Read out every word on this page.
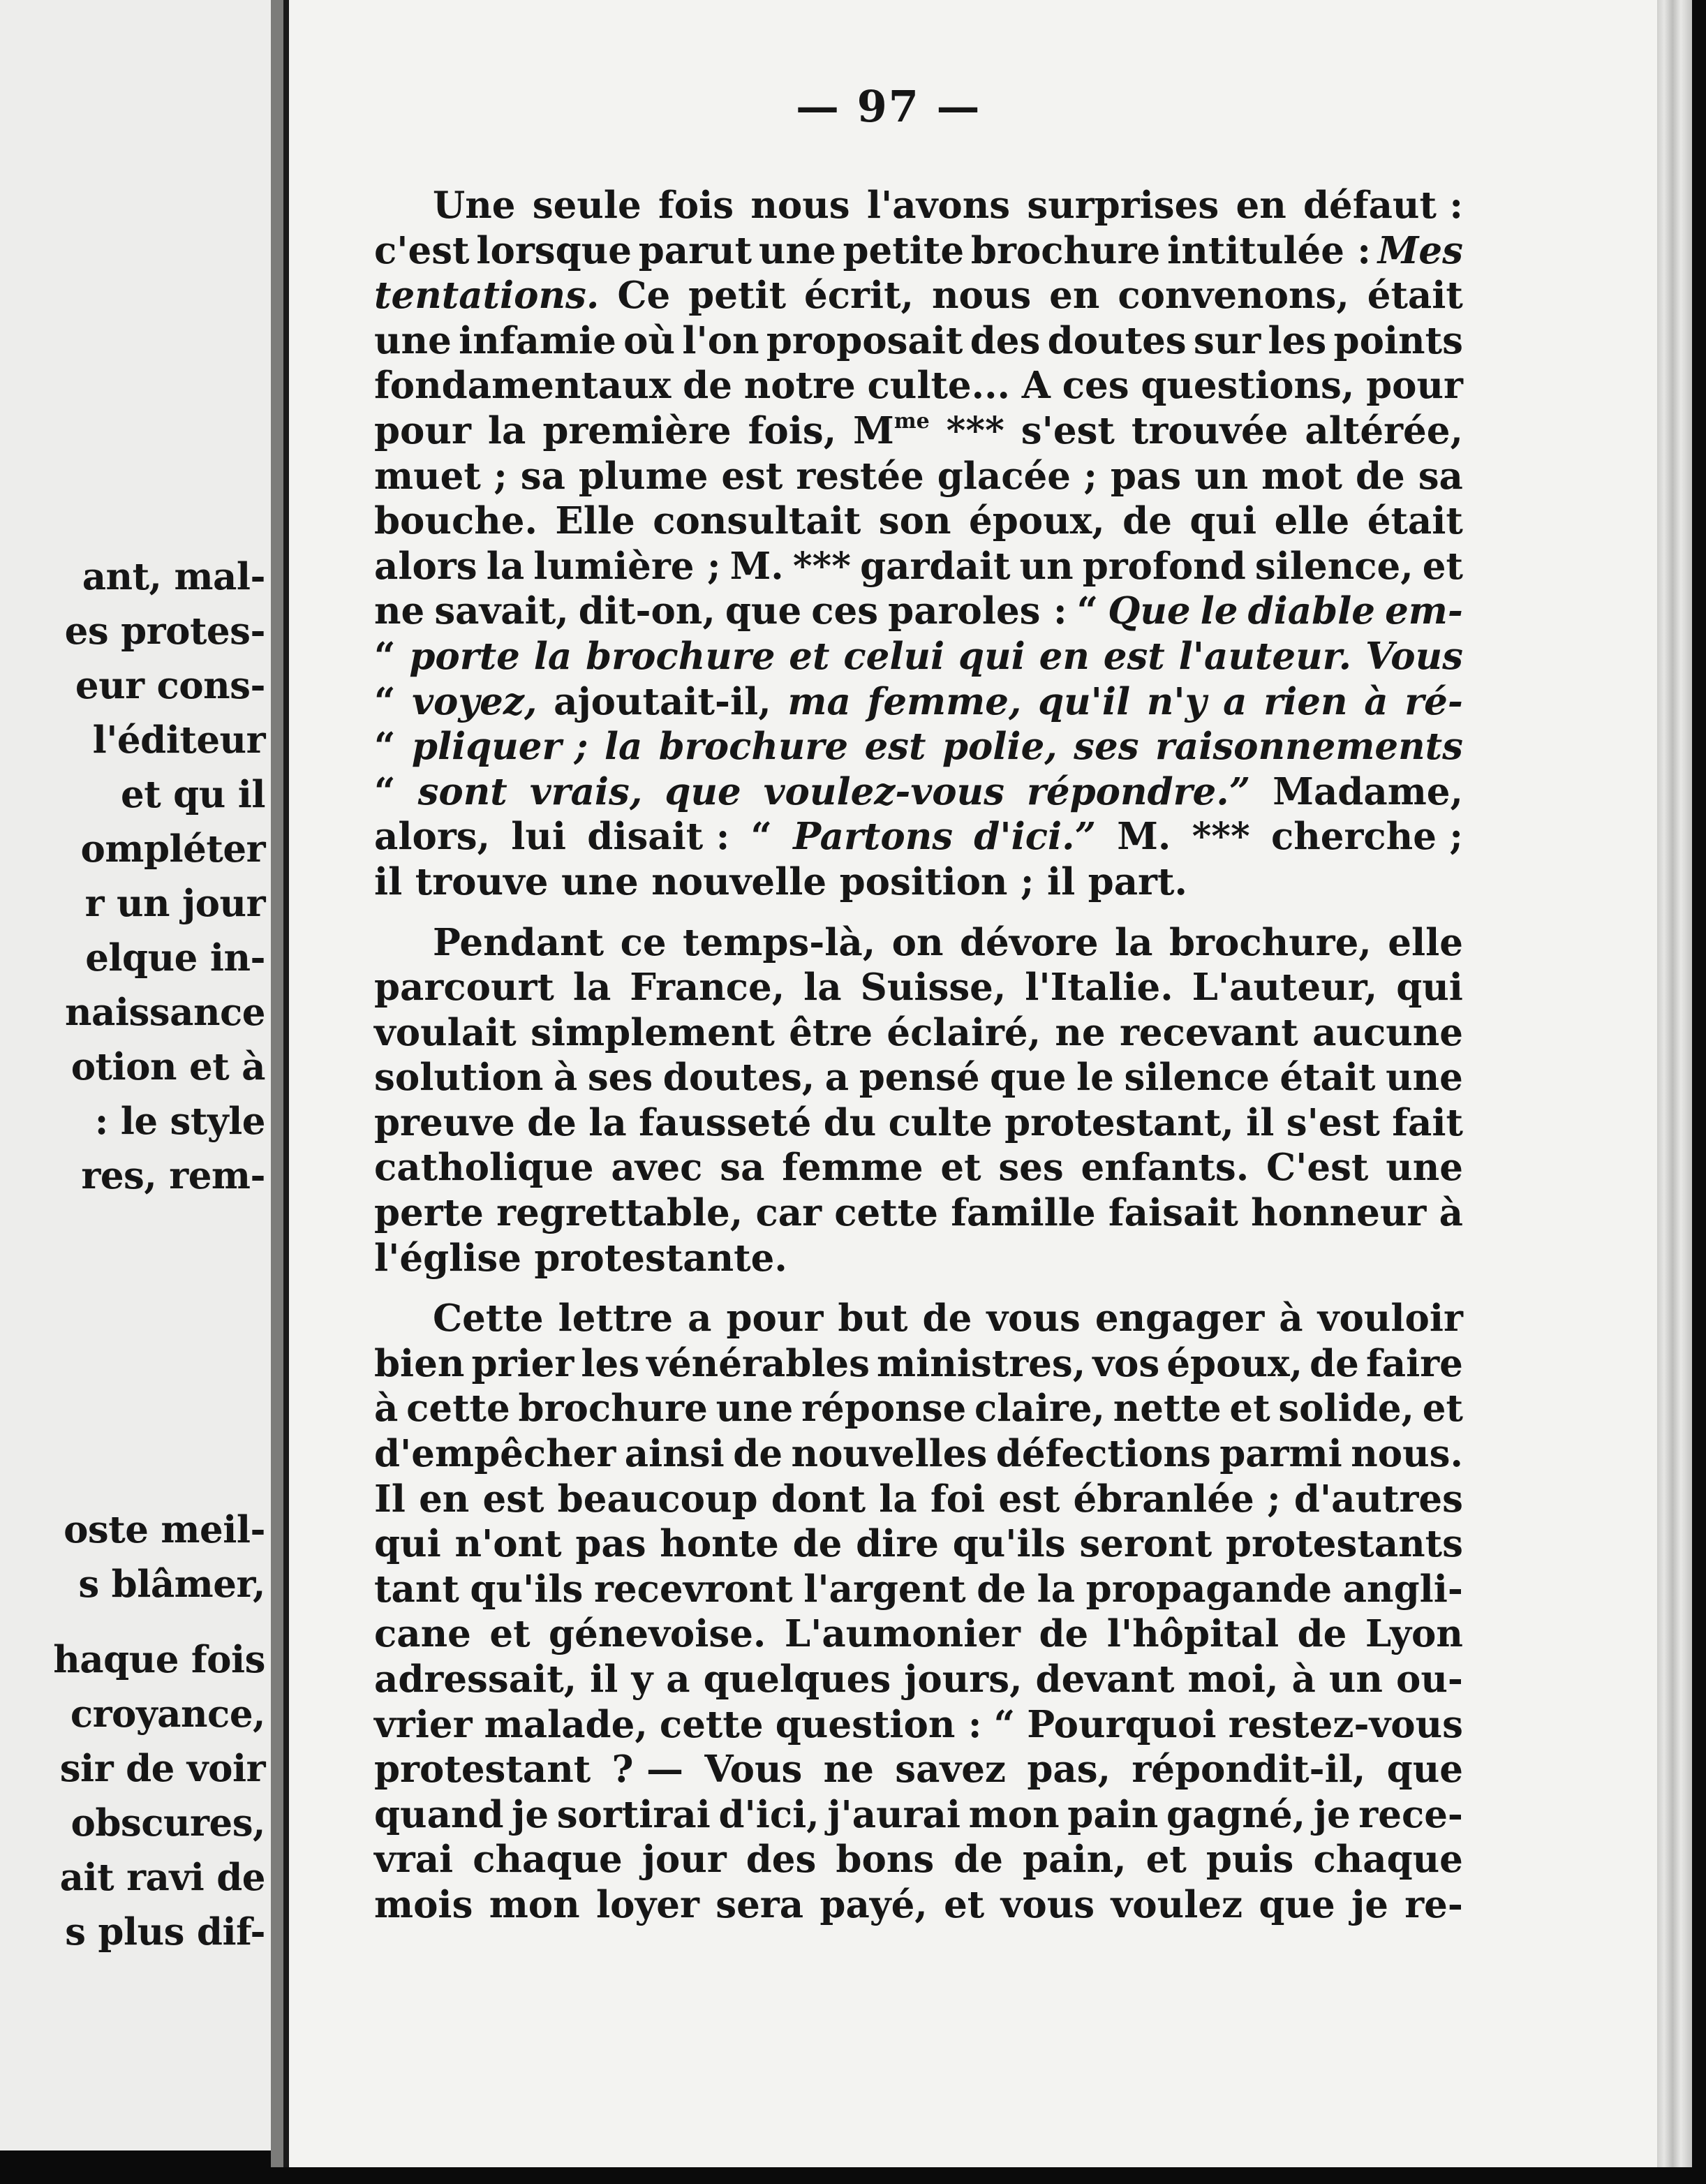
ant, mal-
es protes-
eur cons-
l'éditeur
et qu il
ompléter
r un jour
elque in-
naissance
otion et à
: le style
res, rem-
oste meil-
s blâmer,
haque fois
croyance,
sir de voir
obscures,
ait ravi de
s plus dif-
— 97 —
Une seule fois nous l'avons surprises en défaut :
c'est lorsque parut une petite brochure intitulée : Mes
tentations. Ce petit écrit, nous en convenons, était
une infamie où l'on proposait des doutes sur les points
fondamentaux de notre culte... A ces questions, pour
pour la première fois, $M^{me}$ *** s'est trouvée altérée,
muet ; sa plume est restée glacée ; pas un mot de sa
bouche. Elle consultait son époux, de qui elle était
alors la lumière ; M. *** gardait un profond silence, et
ne savait, dit-on, que ces paroles : “ Que le diable em-
“ porte la brochure et celui qui en est l'auteur. Vous
“ voyez, ajoutait-il, ma femme, qu'il n'y a rien à ré-
“ pliquer ; la brochure est polie, ses raisonnements
“ sont vrais, que voulez-vous répondre.” Madame,
alors, lui disait : “ Partons d'ici.” M. *** cherche ;
il trouve une nouvelle position ; il part.
Pendant ce temps-là, on dévore la brochure, elle
parcourt la France, la Suisse, l'Italie. L'auteur, qui
voulait simplement être éclairé, ne recevant aucune
solution à ses doutes, a pensé que le silence était une
preuve de la fausseté du culte protestant, il s'est fait
catholique avec sa femme et ses enfants. C'est une
perte regrettable, car cette famille faisait honneur à
l'église protestante.
Cette lettre a pour but de vous engager à vouloir
bien prier les vénérables ministres, vos époux, de faire
à cette brochure une réponse claire, nette et solide, et
d'empêcher ainsi de nouvelles défections parmi nous.
Il en est beaucoup dont la foi est ébranlée ; d'autres
qui n'ont pas honte de dire qu'ils seront protestants
tant qu'ils recevront l'argent de la propagande angli-
cane et génevoise. L'aumonier de l'hôpital de Lyon
adressait, il y a quelques jours, devant moi, à un ou-
vrier malade, cette question : “ Pourquoi restez-vous
protestant ? — Vous ne savez pas, répondit-il, que
quand je sortirai d'ici, j'aurai mon pain gagné, je rece-
vrai chaque jour des bons de pain, et puis chaque
mois mon loyer sera payé, et vous voulez que je re-
